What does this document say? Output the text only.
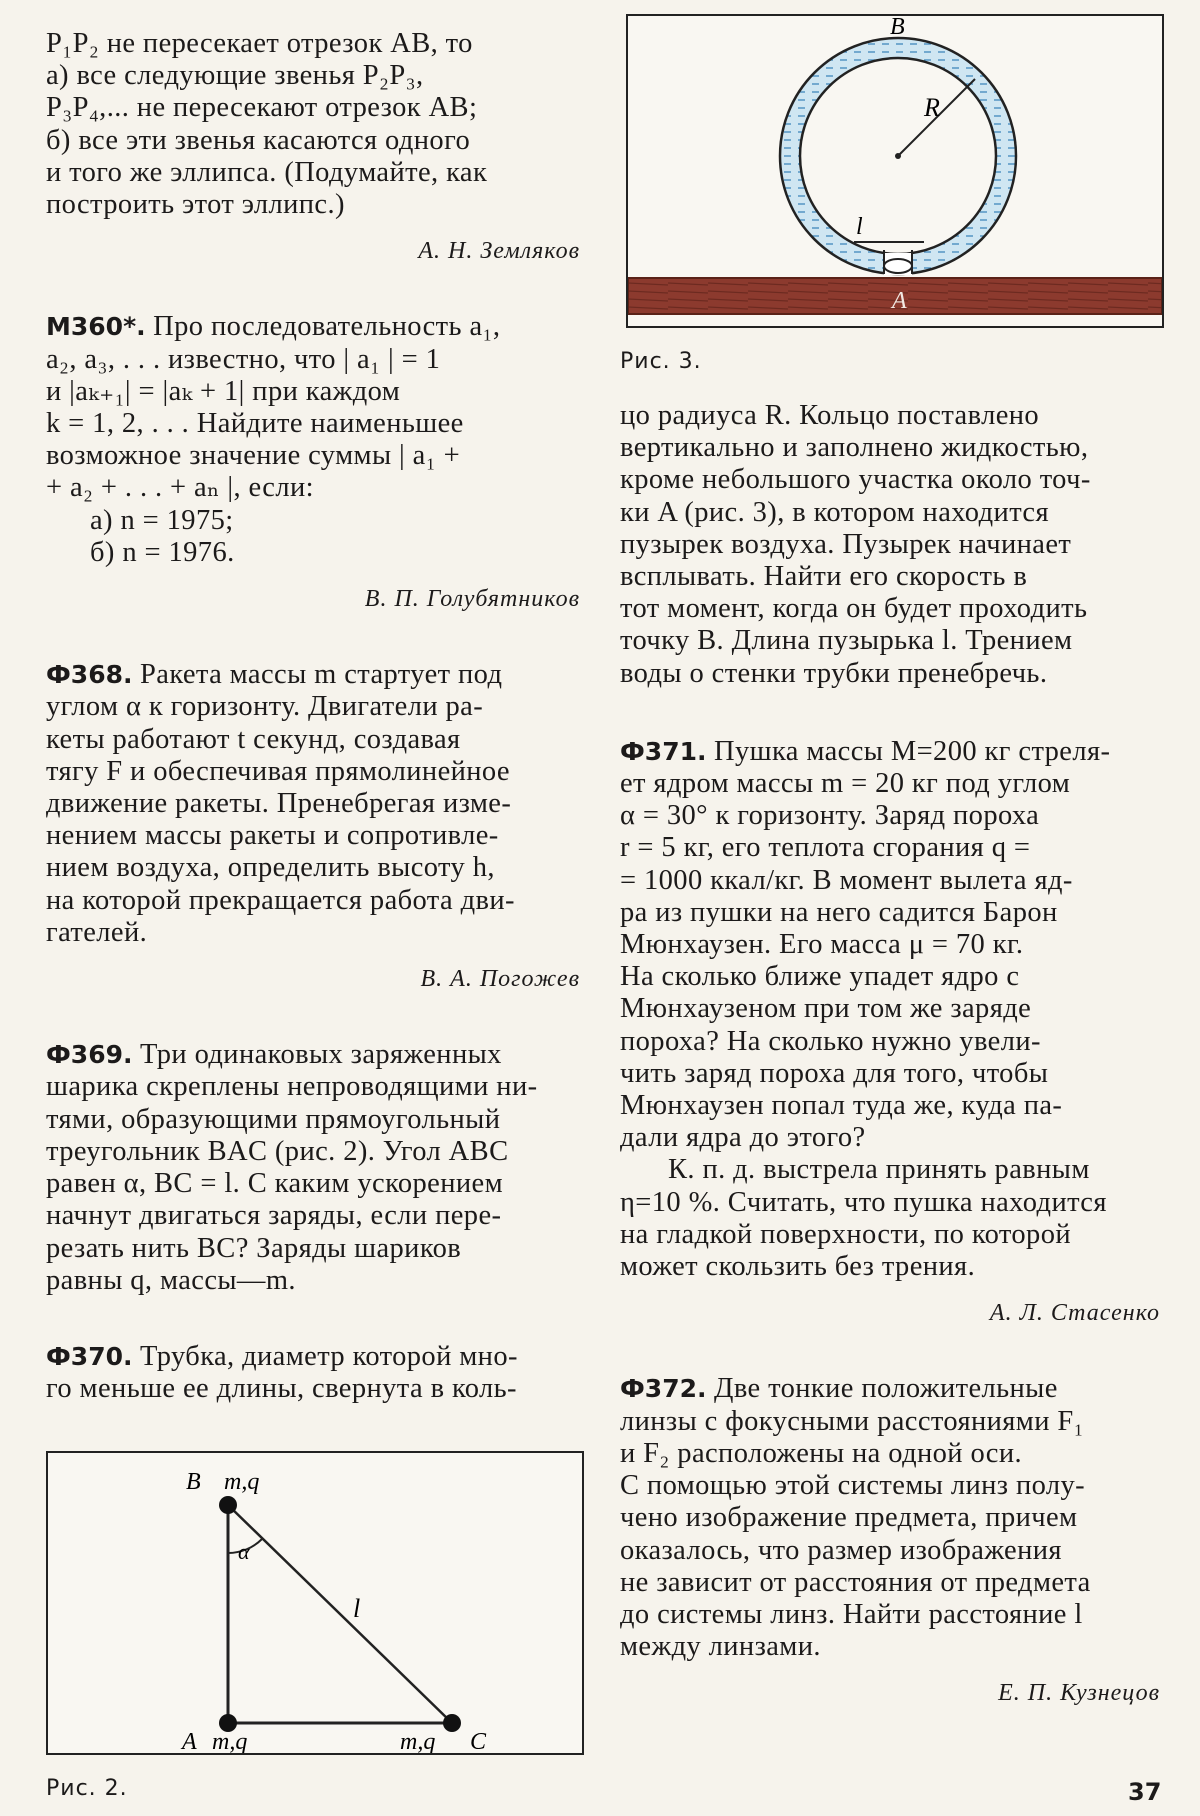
P₁P₂ не пересекает отрезок AB, то

а) все следующие звенья P₂P₃,

P₃P₄,... не пересекают отрезок AB;

б) все эти звенья касаются одного

и того же эллипса. (Подумайте, как

построить этот эллипс.)

А. Н. Земляков

М360*. Про последовательность a₁,

a₂, a₃, . . . известно, что | a₁ | = 1

и |aₖ₊₁| = |aₖ + 1| при каждом

k = 1, 2, . . . Найдите наименьшее

возможное значение суммы | a₁ +

+ a₂ + . . . + aₙ |, если:

а) n = 1975;

б) n = 1976.

В. П. Голубятников

Ф368. Ракета массы m стартует под

углом α к горизонту. Двигатели ра-

кеты работают t секунд, создавая

тягу F и обеспечивая прямолинейное

движение ракеты. Пренебрегая изме-

нением массы ракеты и сопротивле-

нием воздуха, определить высоту h,

на которой прекращается работа дви-

гателей.

В. А. Погожев

Ф369. Три одинаковых заряженных

шарика скреплены непроводящими ни-

тями, образующими прямоугольный

треугольник BAC (рис. 2). Угол ABC

равен α, BC = l. С каким ускорением

начнут двигаться заряды, если пере-

резать нить BC? Заряды шариков

равны q, массы—m.

Ф370. Трубка, диаметр которой мно-

го меньше ее длины, свернута в коль-

B m,q
α
l
A m,q	m,q C
Рис. 2.
B
R
l
A
Рис. 3.

цо радиуса R. Кольцо поставлено

вертикально и заполнено жидкостью,

кроме небольшого участка около точ-

ки A (рис. 3), в котором находится

пузырек воздуха. Пузырек начинает

всплывать. Найти его скорость в

тот момент, когда он будет проходить

точку B. Длина пузырька l. Трением

воды о стенки трубки пренебречь.

Ф371. Пушка массы M=200 кг стреля-

ет ядром массы m = 20 кг под углом

α = 30° к горизонту. Заряд пороха

r = 5 кг, его теплота сгорания q =

= 1000 ккал/кг. В момент вылета яд-

ра из пушки на него садится Барон

Мюнхаузен. Его масса μ = 70 кг.

На сколько ближе упадет ядро с

Мюнхаузеном при том же заряде

пороха? На сколько нужно увели-

чить заряд пороха для того, чтобы

Мюнхаузен попал туда же, куда па-

дали ядра до этого?

К. п. д. выстрела принять равным

η=10 %. Считать, что пушка находится

на гладкой поверхности, по которой

может скользить без трения.

А. Л. Стасенко

Ф372. Две тонкие положительные

линзы с фокусными расстояниями F₁

и F₂ расположены на одной оси.

С помощью этой системы линз полу-

чено изображение предмета, причем

оказалось, что размер изображения

не зависит от расстояния от предмета

до системы линз. Найти расстояние l

между линзами.

Е. П. Кузнецов

37
